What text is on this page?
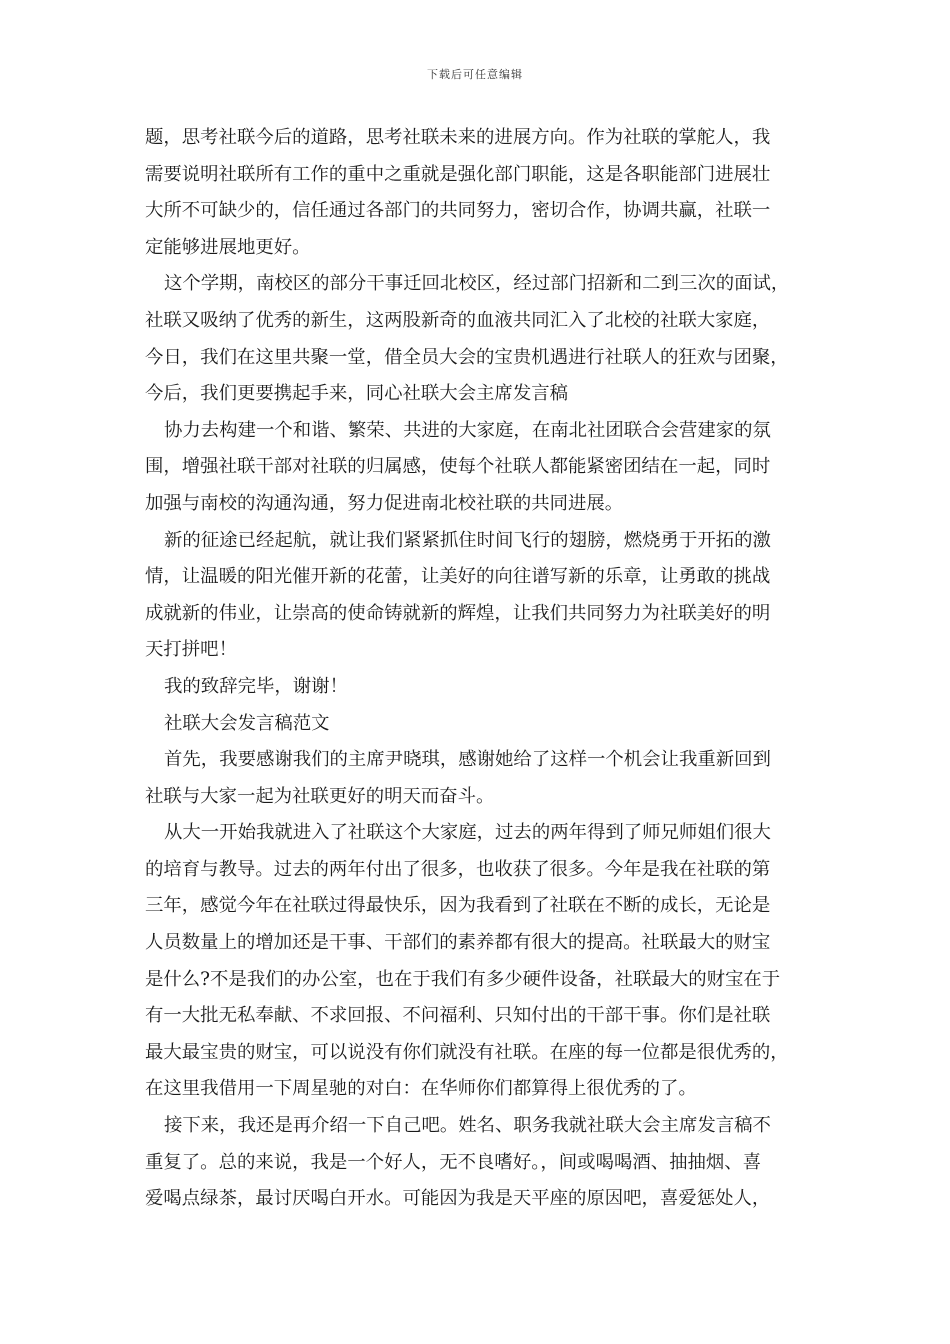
下载后可任意编辑
题，思考社联今后的道路，思考社联未来的进展方向。作为社联的掌舵人，我
需要说明社联所有工作的重中之重就是强化部门职能，这是各职能部门进展壮
大所不可缺少的，信任通过各部门的共同努力，密切合作，协调共赢，社联一
定能够进展地更好。
这个学期，南校区的部分干事迁回北校区，经过部门招新和二到三次的面试，
社联又吸纳了优秀的新生，这两股新奇的血液共同汇入了北校的社联大家庭，
今日，我们在这里共聚一堂，借全员大会的宝贵机遇进行社联人的狂欢与团聚，
今后，我们更要携起手来，同心社联大会主席发言稿
协力去构建一个和谐、繁荣、共进的大家庭，在南北社团联合会营建家的氛
围，增强社联干部对社联的归属感，使每个社联人都能紧密团结在一起，同时
加强与南校的沟通沟通，努力促进南北校社联的共同进展。
新的征途已经起航，就让我们紧紧抓住时间飞行的翅膀，燃烧勇于开拓的激
情，让温暖的阳光催开新的花蕾，让美好的向往谱写新的乐章，让勇敢的挑战
成就新的伟业，让崇高的使命铸就新的辉煌，让我们共同努力为社联美好的明
天打拼吧！
我的致辞完毕，谢谢！
社联大会发言稿范文
首先，我要感谢我们的主席尹晓琪，感谢她给了这样一个机会让我重新回到
社联与大家一起为社联更好的明天而奋斗。
从大一开始我就进入了社联这个大家庭，过去的两年得到了师兄师姐们很大
的培育与教导。过去的两年付出了很多，也收获了很多。今年是我在社联的第
三年，感觉今年在社联过得最快乐，因为我看到了社联在不断的成长，无论是
人员数量上的增加还是干事、干部们的素养都有很大的提高。社联最大的财宝
是什么?不是我们的办公室，也在于我们有多少硬件设备，社联最大的财宝在于
有一大批无私奉献、不求回报、不问福利、只知付出的干部干事。你们是社联
最大最宝贵的财宝，可以说没有你们就没有社联。在座的每一位都是很优秀的，
在这里我借用一下周星驰的对白：在华师你们都算得上很优秀的了。
接下来，我还是再介绍一下自己吧。姓名、职务我就社联大会主席发言稿不
重复了。总的来说，我是一个好人，无不良嗜好。，间或喝喝酒、抽抽烟、喜
爱喝点绿茶，最讨厌喝白开水。可能因为我是天平座的原因吧，喜爱惩处人，
